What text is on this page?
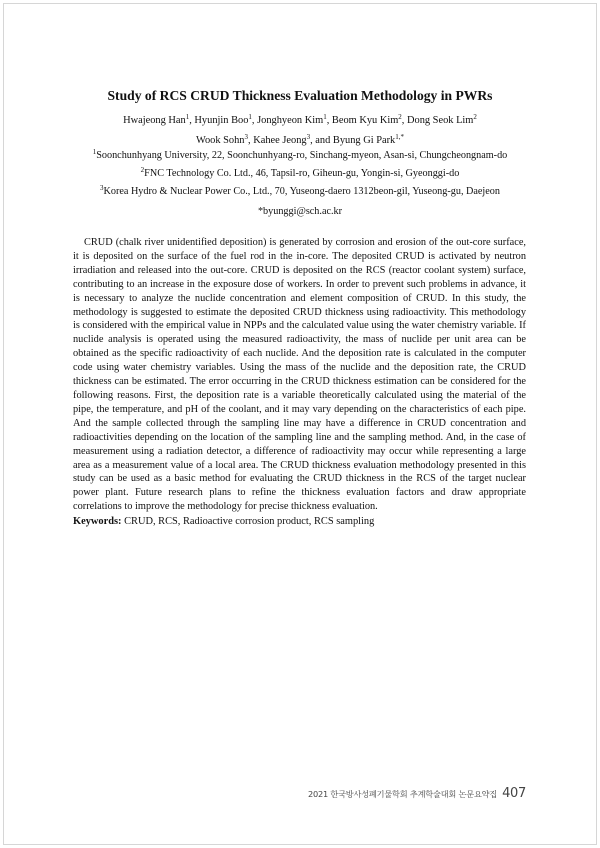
Study of RCS CRUD Thickness Evaluation Methodology in PWRs
Hwajeong Han$^1$, Hyunjin Boo$^1$, Jonghyeon Kim$^1$, Beom Kyu Kim$^2$, Dong Seok Lim$^2$
Wook Sohn$^3$, Kahee Jeong$^3$, and Byung Gi Park$^{1,*}$
$^1$Soonchunhyang University, 22, Soonchunhyang-ro, Sinchang-myeon, Asan-si, Chungcheongnam-do
$^2$FNC Technology Co. Ltd., 46, Tapsil-ro, Giheun-gu, Yongin-si, Gyeonggi-do
$^3$Korea Hydro & Nuclear Power Co., Ltd., 70, Yuseong-daero 1312beon-gil, Yuseong-gu, Daejeon
*byunggi@sch.ac.kr

CRUD (chalk river unidentified deposition) is generated by corrosion and erosion of the out-core surface, it is deposited on the surface of the fuel rod in the in-core. The deposited CRUD is activated by neutron irradiation and released into the out-core. CRUD is deposited on the RCS (reactor coolant system) surface, contributing to an increase in the exposure dose of workers. In order to prevent such problems in advance, it is necessary to analyze the nuclide concentration and element composition of CRUD. In this study, the methodology is suggested to estimate the deposited CRUD thickness using radioactivity. This methodology is considered with the empirical value in NPPs and the calculated value using the water chemistry variable. If nuclide analysis is operated using the measured radioactivity, the mass of nuclide per unit area can be obtained as the specific radioactivity of each nuclide. And the deposition rate is calculated in the computer code using water chemistry variables. Using the mass of the nuclide and the deposition rate, the CRUD thickness can be estimated. The error occurring in the CRUD thickness estimation can be considered for the following reasons. First, the deposition rate is a variable theoretically calculated using the material of the pipe, the temperature, and pH of the coolant, and it may vary depending on the characteristics of each pipe. And the sample collected through the sampling line may have a difference in CRUD concentration and radioactivities depending on the location of the sampling line and the sampling method. And, in the case of measurement using a radiation detector, a difference of radioactivity may occur while representing a large area as a measurement value of a local area. The CRUD thickness evaluation methodology presented in this study can be used as a basic method for evaluating the CRUD thickness in the RCS of the target nuclear power plant. Future research plans to refine the thickness evaluation factors and draw appropriate correlations to improve the methodology for precise thickness evaluation.

Keywords: CRUD, RCS, Radioactive corrosion product, RCS sampling
2021 한국방사성폐기물학회 추계학술대회 논문요약집 407
